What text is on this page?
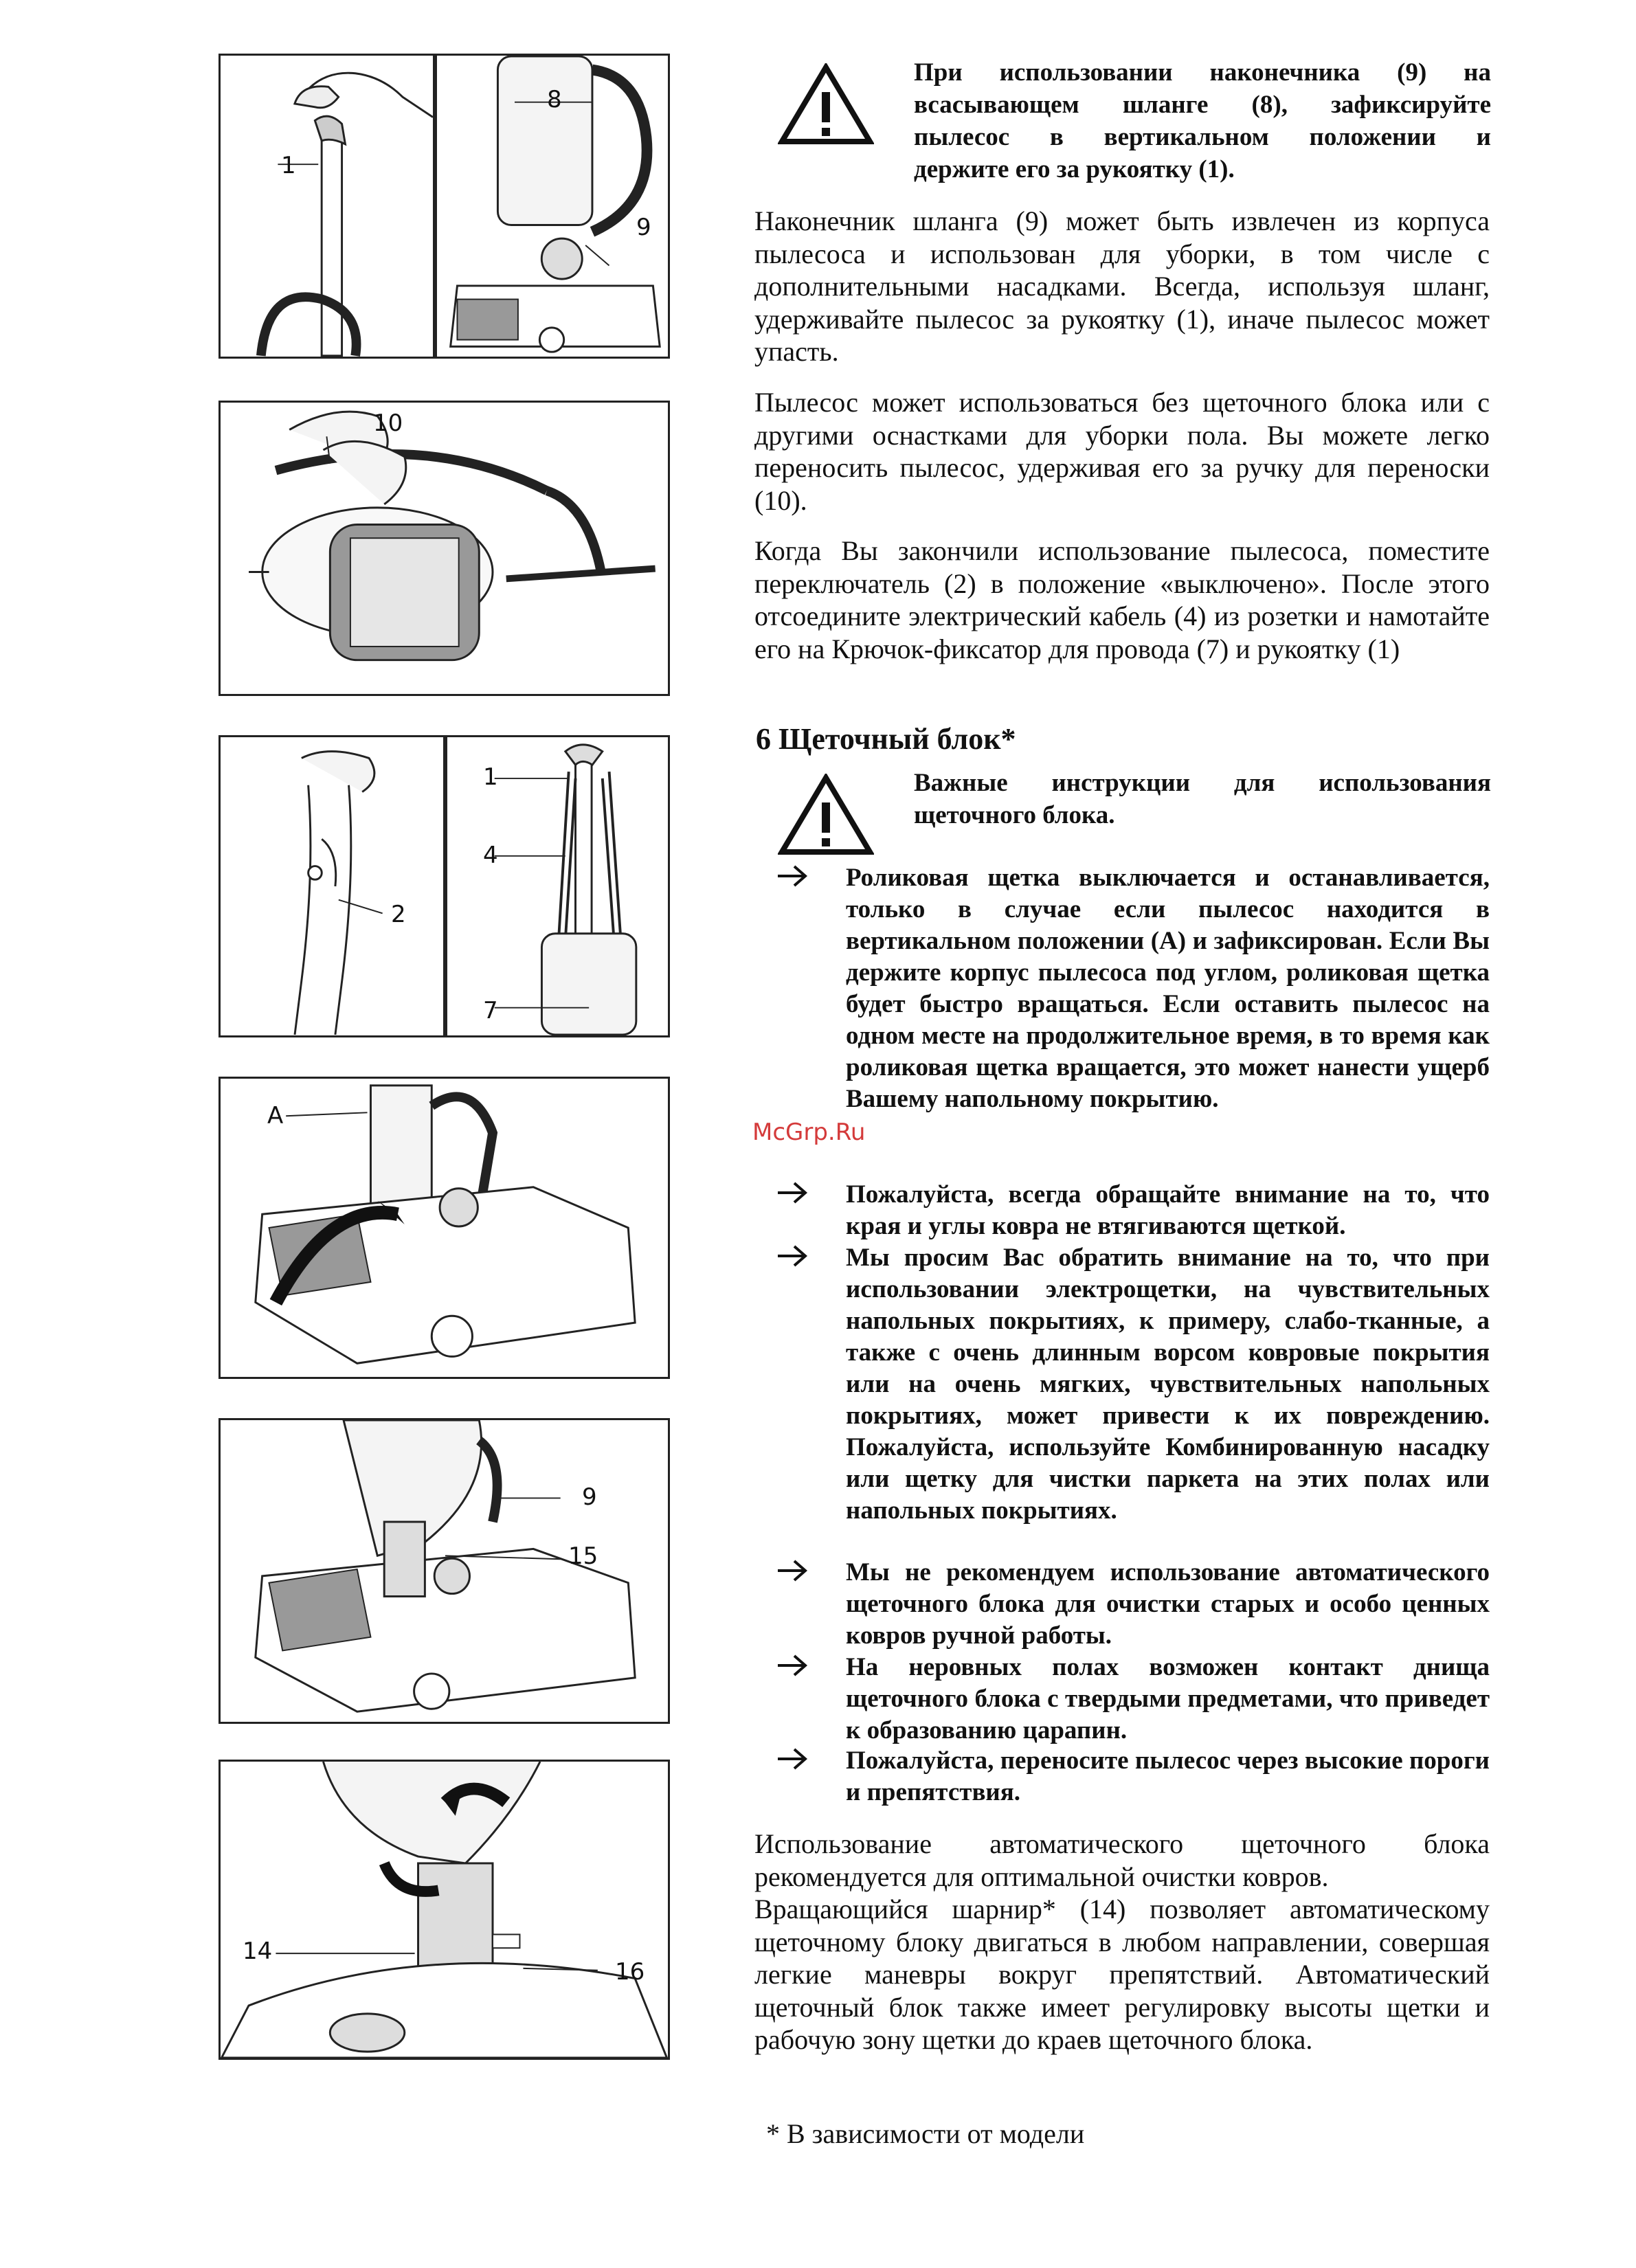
1
8
9
10
2
1
4
7
A
9
15
14
16
McGrp.Ru
При использовании наконечника (9) на
всасывающем шланге (8), зафиксируйте
пылесос в вертикальном положении и
держите его за рукоятку (1).

Наконечник шланга (9) может быть извлечен из корпуса пылесоса и использован для уборки, в том числе с дополнительными насадками. Всегда, используя шланг, удерживайте пылесос за рукоятку (1), иначе пылесос может упасть.

Пылесос может использоваться без щеточного блока или с другими оснастками для уборки пола. Вы можете легко переносить пылесос, удерживая его за ручку для переноски (10).

Когда Вы закончили использование пылесоса, поместите переключатель (2) в положение «выключено». После этого отсоедините электрический кабель (4) из розетки и намотайте его на Крючок-фиксатор для провода (7) и рукоятку (1)

6 Щеточный блок*
Важные инструкции для использования
щеточного блока.
Роликовая щетка выключается и останавливается, только в случае если пылесос находится в вертикальном положении (A) и зафиксирован. Если Вы держите корпус пылесоса под углом, роликовая щетка будет быстро вращаться. Если оставить пылесос на одном месте на продолжительное время, в то время как роликовая щетка вращается, это может нанести ущерб Вашему напольному покрытию.
Пожалуйста, всегда обращайте внимание на то, что края и углы ковра не втягиваются щеткой.
Мы просим Вас обратить внимание на то, что при использовании электрощетки, на чувствительных напольных покрытиях, к примеру, слабо-тканные, а также с очень длинным ворсом ковровые покрытия или на очень мягких, чувствительных напольных покрытиях, может привести к их повреждению. Пожалуйста, используйте Комбинированную насадку или щетку для чистки паркета на этих полах или напольных покрытиях.
Мы не рекомендуем использование автоматического щеточного блока для очистки старых и особо ценных ковров ручной работы.
На неровных полах возможен контакт днища щеточного блока с твердыми предметами, что приведет к образованию царапин.
Пожалуйста, переносите пылесос через высокие пороги и препятствия.

Использование автоматического щеточного блока рекомендуется для оптимальной очистки ковров.

Вращающийся шарнир* (14) позволяет автоматическому щеточному блоку двигаться в любом направлении, совершая легкие маневры вокруг препятствий. Автоматический щеточный блок также имеет регулировку высоты щетки и рабочую зону щетки до краев щеточного блока.

* В зависимости от модели
